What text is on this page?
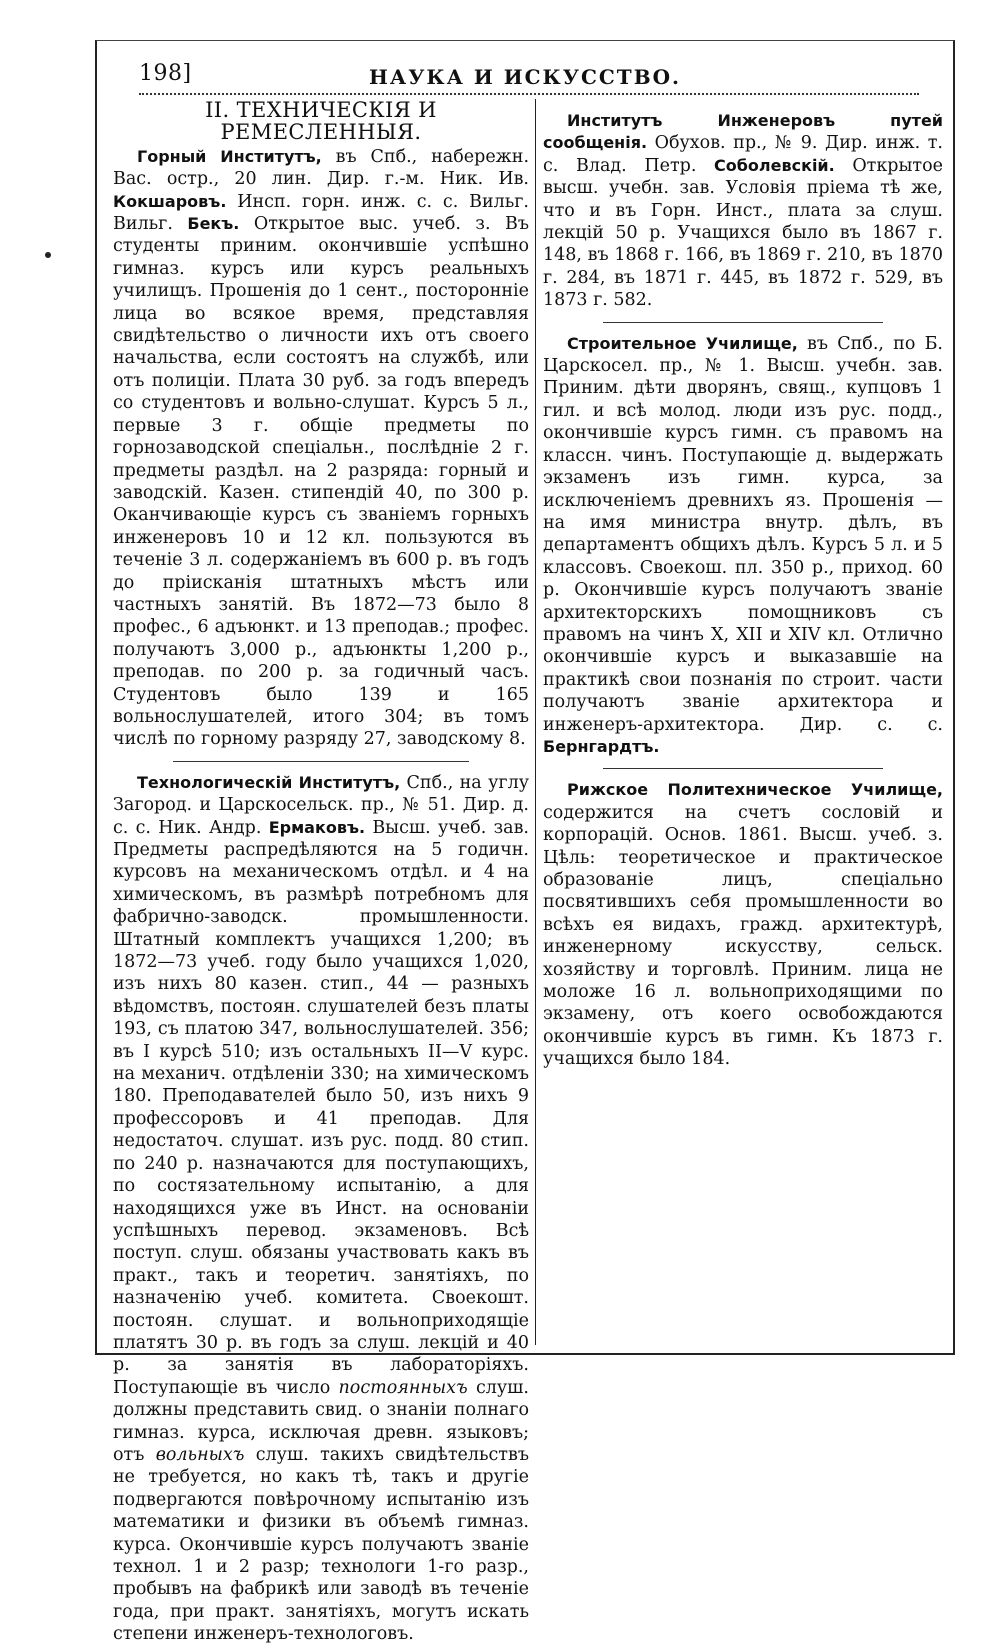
198]	НАУКА И ИСКУССТВО.
II. ТЕХНИЧЕСКІЯ И РЕМЕСЛЕННЫЯ.

Горный Институтъ, въ Спб., набережн. Вас. остр., 20 лин. Дир. г.-м. Ник. Ив. Кокшаровъ. Инсп. горн. инж. с. с. Вильг. Вильг. Бекъ. Открытое выс. учеб. з. Въ студенты приним. окончившіе успѣшно гимназ. курсъ или курсъ реальныхъ училищъ. Прошенія до 1 сент., посторонніе лица во всякое время, представляя свидѣтельство о личности ихъ отъ своего начальства, если состоятъ на службѣ, или отъ полиціи. Плата 30 руб. за годъ впередъ со студентовъ и вольно-слушат. Курсъ 5 л., первые 3 г. общіе предметы по горнозаводской спеціальн., послѣдніе 2 г. предметы раздѣл. на 2 разряда: горный и заводскій. Казен. стипендій 40, по 300 р. Оканчивающіе курсъ съ званіемъ горныхъ инженеровъ 10 и 12 кл. пользуются въ теченіе 3 л. содержаніемъ въ 600 р. въ годъ до пріисканія штатныхъ мѣстъ или частныхъ занятій. Въ 1872—73 было 8 профес., 6 адъюнкт. и 13 преподав.; профес. получаютъ 3,000 р., адъюнкты 1,200 р., преподав. по 200 р. за годичный часъ. Студентовъ было 139 и 165 вольнослушателей, итого 304; въ томъ числѣ по горному разряду 27, заводскому 8.

Технологическій Институтъ, Спб., на углу Загород. и Царскосельск. пр., № 51. Дир. д. с. с. Ник. Андр. Ермаковъ. Высш. учеб. зав. Предметы распредѣляются на 5 годичн. курсовъ на механическомъ отдѣл. и 4 на химическомъ, въ размѣрѣ потребномъ для фабрично-заводск. промышленности. Штатный комплектъ учащихся 1,200; въ 1872—73 учеб. году было учащихся 1,020, изъ нихъ 80 казен. стип., 44 — разныхъ вѣдомствъ, постоян. слушателей безъ платы 193, съ платою 347, вольнослушателей. 356; въ I курсѣ 510; изъ остальныхъ II—V курс. на механич. отдѣленіи 330; на химическомъ 180. Преподавателей было 50, изъ нихъ 9 профессоровъ и 41 преподав. Для недостаточ. слушат. изъ рус. подд. 80 стип. по 240 р. назначаются для поступающихъ, по состязательному испытанію, а для находящихся уже въ Инст. на основаніи успѣшныхъ перевод. экзаменовъ. Всѣ поступ. слуш. обязаны участвовать какъ въ практ., такъ и теоретич. занятіяхъ, по назначенію учеб. комитета. Своекошт. постоян. слушат. и вольноприходящіе платятъ 30 р. въ годъ за слуш. лекцій и 40 р. за занятія въ лабораторіяхъ. Поступающіе въ число постоянныхъ слуш. должны представить свид. о знаніи полнаго гимназ. курса, исключая древн. языковъ; отъ вольныхъ слуш. такихъ свидѣтельствъ не требуется, но какъ тѣ, такъ и другіе подвергаются повѣрочному испытанію изъ математики и физики въ объемѣ гимназ. курса. Окончившіе курсъ получаютъ званіе технол. 1 и 2 разр; технологи 1-го разр., пробывъ на фабрикѣ или заводѣ въ теченіе года, при практ. занятіяхъ, могутъ искать степени инженеръ-технологовъ.

Институтъ Инженеровъ путей сообщенія. Обухов. пр., № 9. Дир. инж. т. с. Влад. Петр. Соболевскій. Открытое высш. учебн. зав. Условія пріема тѣ же, что и въ Горн. Инст., плата за слуш. лекцій 50 р. Учащихся было въ 1867 г. 148, въ 1868 г. 166, въ 1869 г. 210, въ 1870 г. 284, въ 1871 г. 445, въ 1872 г. 529, въ 1873 г. 582.

Строительное Училище, въ Спб., по Б. Царскосел. пр., № 1. Высш. учебн. зав. Приним. дѣти дворянъ, свящ., купцовъ 1 гил. и всѣ молод. люди изъ рус. подд., окончившіе курсъ гимн. съ правомъ на классн. чинъ. Поступающіе д. выдержать экзаменъ изъ гимн. курса, за исключеніемъ древнихъ яз. Прошенія — на имя министра внутр. дѣлъ, въ департаментъ общихъ дѣлъ. Курсъ 5 л. и 5 классовъ. Своекош. пл. 350 р., приход. 60 р. Окончившіе курсъ получаютъ званіе архитекторскихъ помощниковъ съ правомъ на чинъ X, XII и XIV кл. Отлично окончившіе курсъ и выказавшіе на практикѣ свои познанія по строит. части получаютъ званіе архитектора и инженеръ-архитектора. Дир. с. с. Бернгардтъ.

Рижское Политехническое Училище, содержится на счетъ сословій и корпорацій. Основ. 1861. Высш. учеб. з. Цѣль: теоретическое и практическое образованіе лицъ, спеціально посвятившихъ себя промышленности во всѣхъ ея видахъ, гражд. архитектурѣ, инженерному искусству, сельск. хозяйству и торговлѣ. Приним. лица не моложе 16 л. вольноприходящими по экзамену, отъ коего освобождаются окончившіе курсъ въ гимн. Къ 1873 г. учащихся было 184.
